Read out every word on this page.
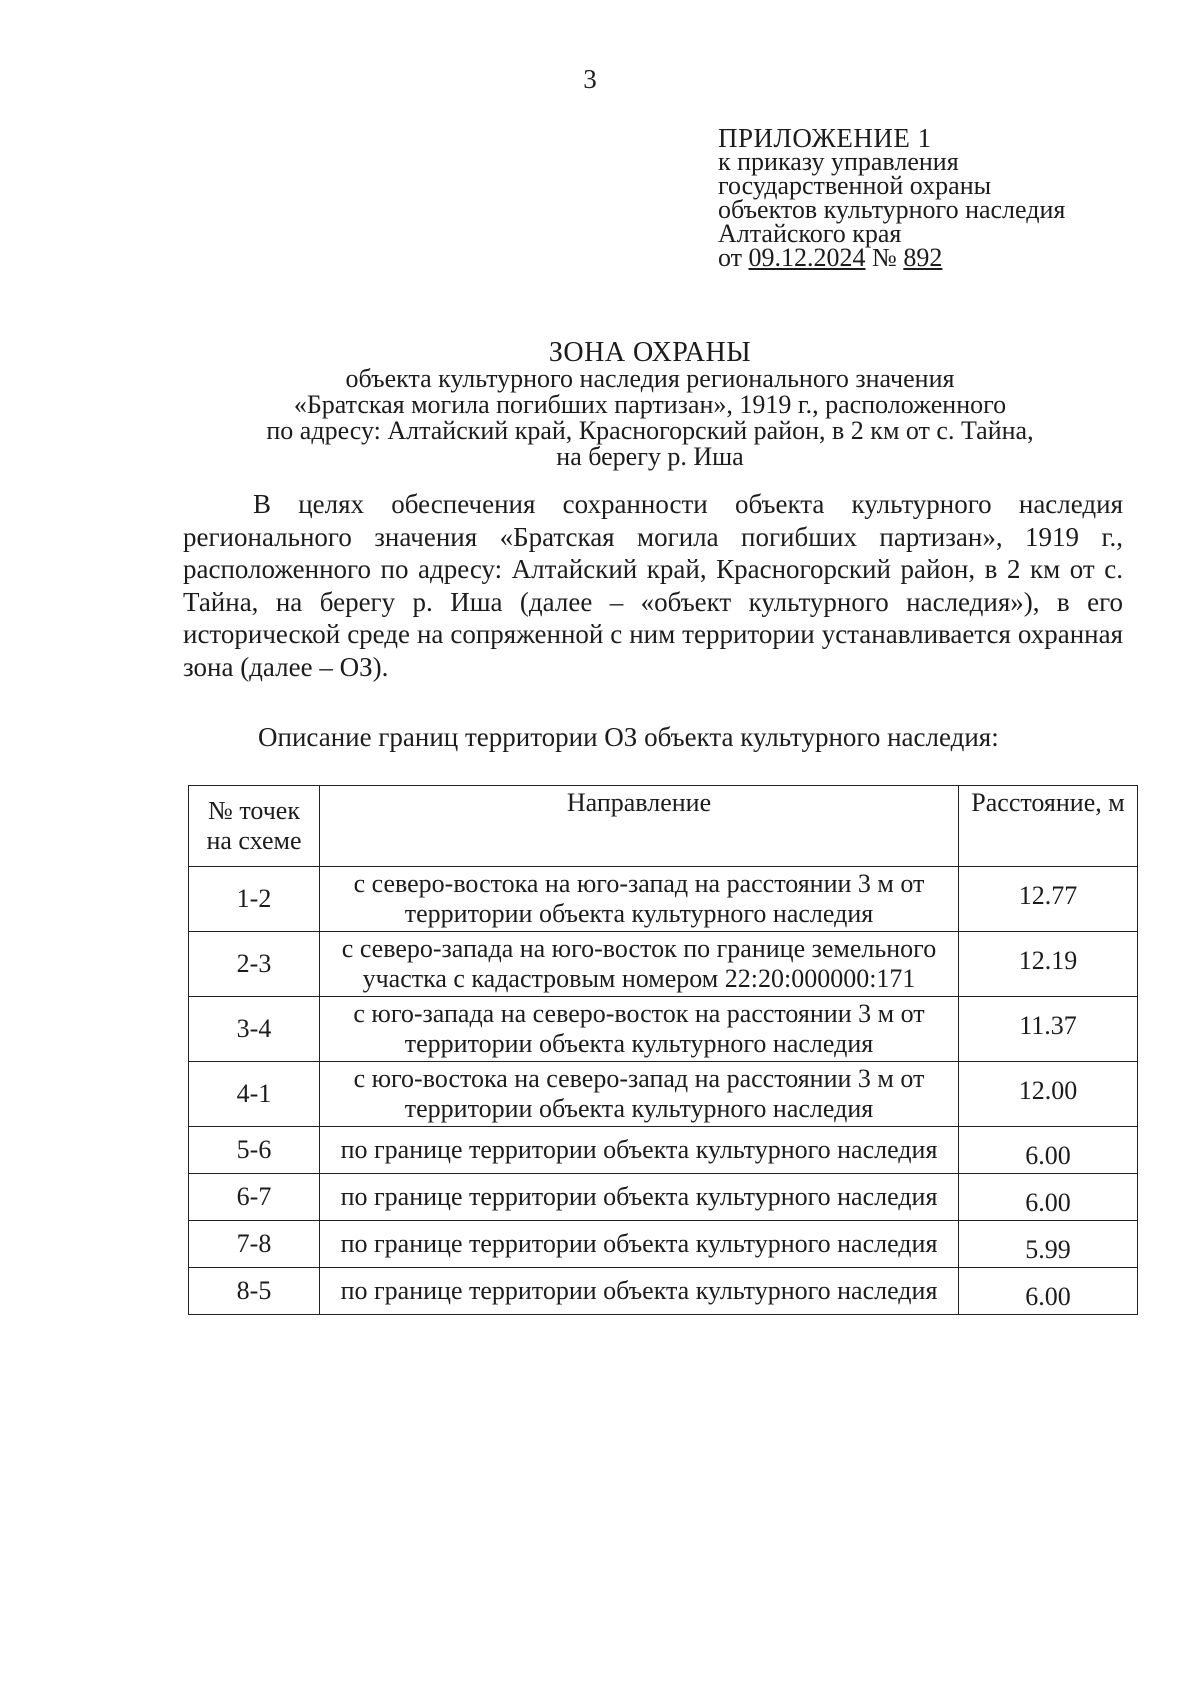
3
ПРИЛОЖЕНИЕ 1
к приказу управления
государственной охраны
объектов культурного наследия
Алтайского края
от 09.12.2024 № 892
ЗОНА ОХРАНЫ
объекта культурного наследия регионального значения
«Братская могила погибших партизан», 1919 г., расположенного
по адресу: Алтайский край, Красногорский район, в 2 км от с. Тайна,
на берегу р. Иша
В целях обеспечения сохранности объекта культурного наследия регионального значения «Братская могила погибших партизан», 1919 г., расположенного по адресу: Алтайский край, Красногорский район, в 2 км от с. Тайна, на берегу р. Иша (далее – «объект культурного наследия»), в его исторической среде на сопряженной с ним территории устанавливается охранная зона (далее – ОЗ).
Описание границ территории ОЗ объекта культурного наследия:
№ точек на схеме	Направление	Расстояние, м
1-2	с северо-востока на юго-запад на расстоянии 3 м от территории объекта культурного наследия	12.77
2-3	с северо-запада на юго-восток по границе земельного участка с кадастровым номером 22:20:000000:171	12.19
3-4	с юго-запада на северо-восток на расстоянии 3 м от территории объекта культурного наследия	11.37
4-1	с юго-востока на северо-запад на расстоянии 3 м от территории объекта культурного наследия	12.00
5-6	по границе территории объекта культурного наследия	6.00
6-7	по границе территории объекта культурного наследия	6.00
7-8	по границе территории объекта культурного наследия	5.99
8-5	по границе территории объекта культурного наследия	6.00
